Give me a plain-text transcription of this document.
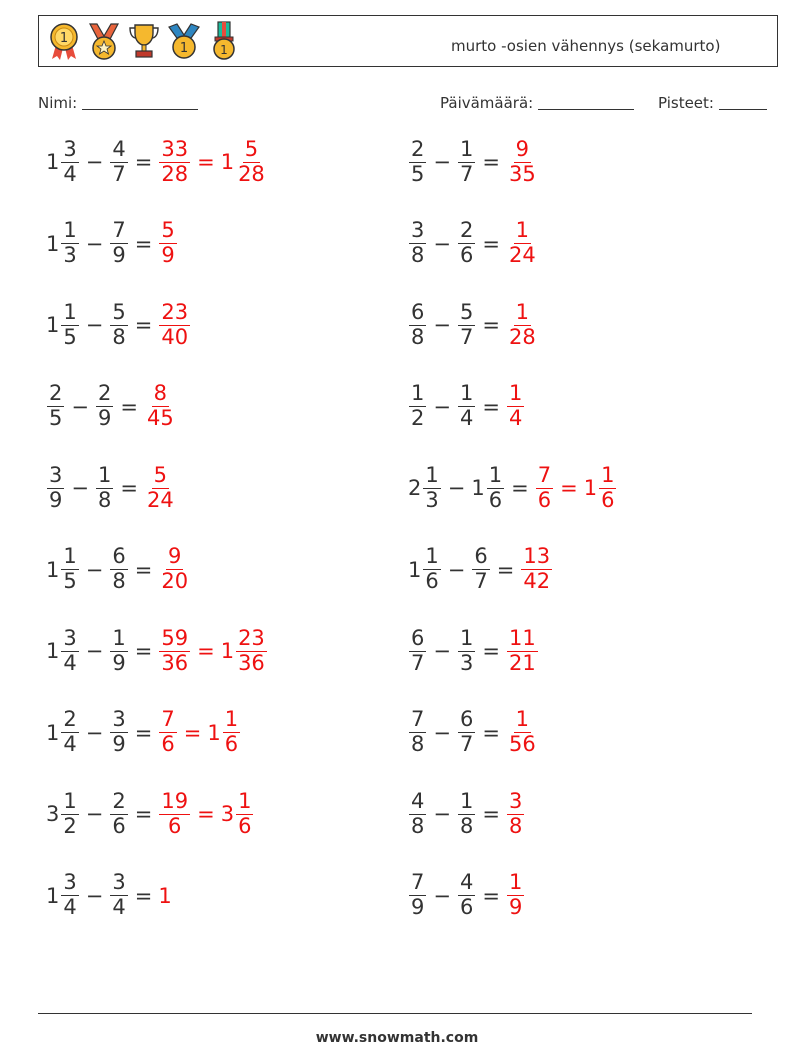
1
1	1	murto -osien vähennys (sekamurto)
Nimi:	Päivämäärä:	Pisteet:
$1 \frac{3}{4} - \frac{4}{7} = \frac{33}{28} = 1 \frac{5}{28}$	$\frac{2}{5} - \frac{1}{7} = \frac{9}{35}$
$1 \frac{1}{3} - \frac{7}{9} = \frac{5}{9}$	$\frac{3}{8} - \frac{2}{6} = \frac{1}{24}$
$1 \frac{1}{5} - \frac{5}{8} = \frac{23}{40}$	$\frac{6}{8} - \frac{5}{7} = \frac{1}{28}$
$\frac{2}{5} - \frac{2}{9} = \frac{8}{45}$	$\frac{1}{2} - \frac{1}{4} = \frac{1}{4}$
$\frac{3}{9} - \frac{1}{8} = \frac{5}{24}$	$2 \frac{1}{3} - 1 \frac{1}{6} = \frac{7}{6} = 1 \frac{1}{6}$
$1 \frac{1}{5} - \frac{6}{8} = \frac{9}{20}$	$1 \frac{1}{6} - \frac{6}{7} = \frac{13}{42}$
$1 \frac{3}{4} - \frac{1}{9} = \frac{59}{36} = 1 \frac{23}{36}$	$\frac{6}{7} - \frac{1}{3} = \frac{11}{21}$
$1 \frac{2}{4} - \frac{3}{9} = \frac{7}{6} = 1 \frac{1}{6}$	$\frac{7}{8} - \frac{6}{7} = \frac{1}{56}$
$3 \frac{1}{2} - \frac{2}{6} = \frac{19}{6} = 3 \frac{1}{6}$	$\frac{4}{8} - \frac{1}{8} = \frac{3}{8}$
$1 \frac{3}{4} - \frac{3}{4} = 1$	$\frac{7}{9} - \frac{4}{6} = \frac{1}{9}$
www.snowmath.com
